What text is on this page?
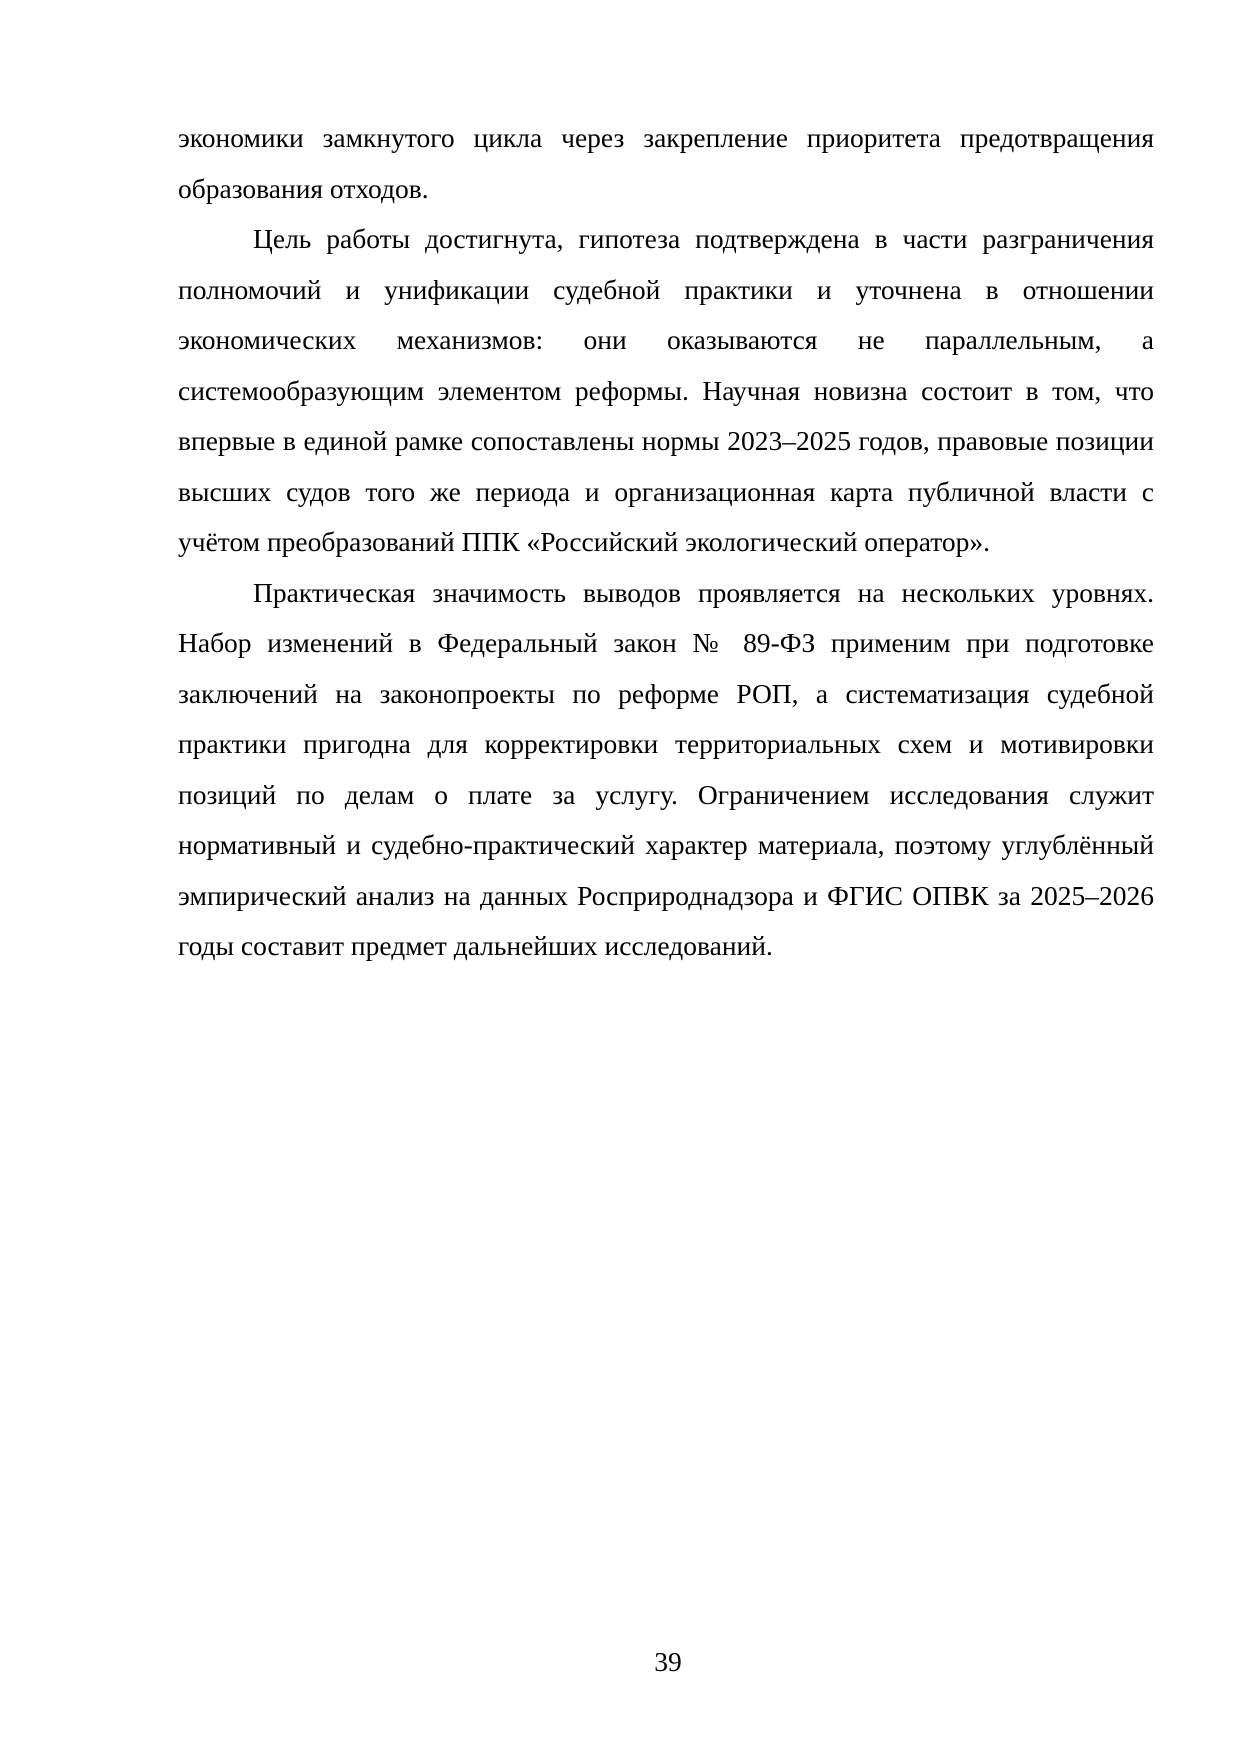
экономики замкнутого цикла через закрепление приоритета предотвращения образования отходов.

Цель работы достигнута, гипотеза подтверждена в части разграничения полномочий и унификации судебной практики и уточнена в отношении экономических механизмов: они оказываются не параллельным, а системообразующим элементом реформы. Научная новизна состоит в том, что впервые в единой рамке сопоставлены нормы 2023–2025 годов, правовые позиции высших судов того же периода и организационная карта публичной власти с учётом преобразований ППК «Российский экологический оператор».

Практическая значимость выводов проявляется на нескольких уровнях. Набор изменений в Федеральный закон № 89-ФЗ применим при подготовке заключений на законопроекты по реформе РОП, а систематизация судебной практики пригодна для корректировки территориальных схем и мотивировки позиций по делам о плате за услугу. Ограничением исследования служит нормативный и судебно-практический характер материала, поэтому углублённый эмпирический анализ на данных Росприроднадзора и ФГИС ОПВК за 2025–2026 годы составит предмет дальнейших исследований.

39
